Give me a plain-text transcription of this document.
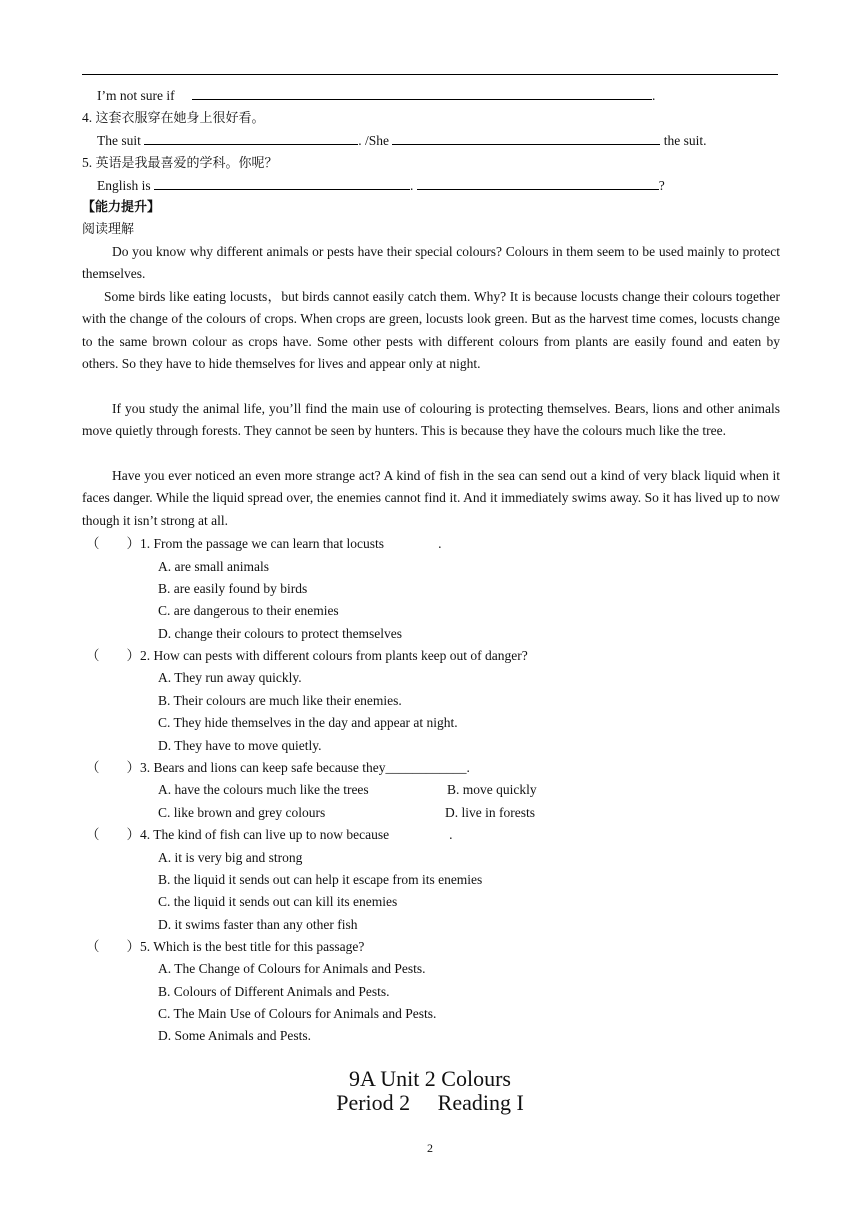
I’m not sure if	.
4. 这套衣服穿在她身上很好看。
The suit	. /She	the suit.
5. 英语是我最喜爱的学科。你呢？
English is	.	?
【能力提升】
阅读理解

Do you know why different animals or pests have their special colours? Colours in them seem to be used mainly to protect themselves.

Some birds like eating locusts，but birds cannot easily catch them. Why? It is because locusts change their colours together with the change of the colours of crops. When crops are green, locusts look green. But as the harvest time comes, locusts change to the same brown colour as crops have. Some other pests with different colours from plants are easily found and eaten by others. So they have to hide themselves for lives and appear only at night.

If you study the animal life, you’ll find the main use of colouring is protecting themselves. Bears, lions and other animals move quietly through forests. They cannot be seen by hunters. This is because they have the colours much like the tree.

Have you ever noticed an even more strange act? A kind of fish in the sea can send out a kind of very black liquid when it faces danger. While the liquid spread over, the enemies cannot find it. And it immediately swims away. So it has lived up to now though it isn’t strong at all.

（　　）1. From the passage we can learn that locusts	.
A. are small animals
B. are easily found by birds
C. are dangerous to their enemies
D. change their colours to protect themselves
（　　）2. How can pests with different colours from plants keep out of danger?
A. They run away quickly.
B. Their colours are much like their enemies.
C. They hide themselves in the day and appear at night.
D. They have to move quietly.
（　　）3. Bears and lions can keep safe because they____________.
A. have the colours much like the trees	B. move quickly
C. like brown and grey colours	D. live in forests
（　　）4. The kind of fish can live up to now because	.
A. it is very big and strong
B. the liquid it sends out can help it escape from its enemies
C. the liquid it sends out can kill its enemies
D. it swims faster than any other fish
（　　）5. Which is the best title for this passage?
A. The Change of Colours for Animals and Pests.
B. Colours of Different Animals and Pests.
C. The Main Use of Colours for Animals and Pests.
D. Some Animals and Pests.
9A Unit 2 Colours
Period 2　 Reading I
2
